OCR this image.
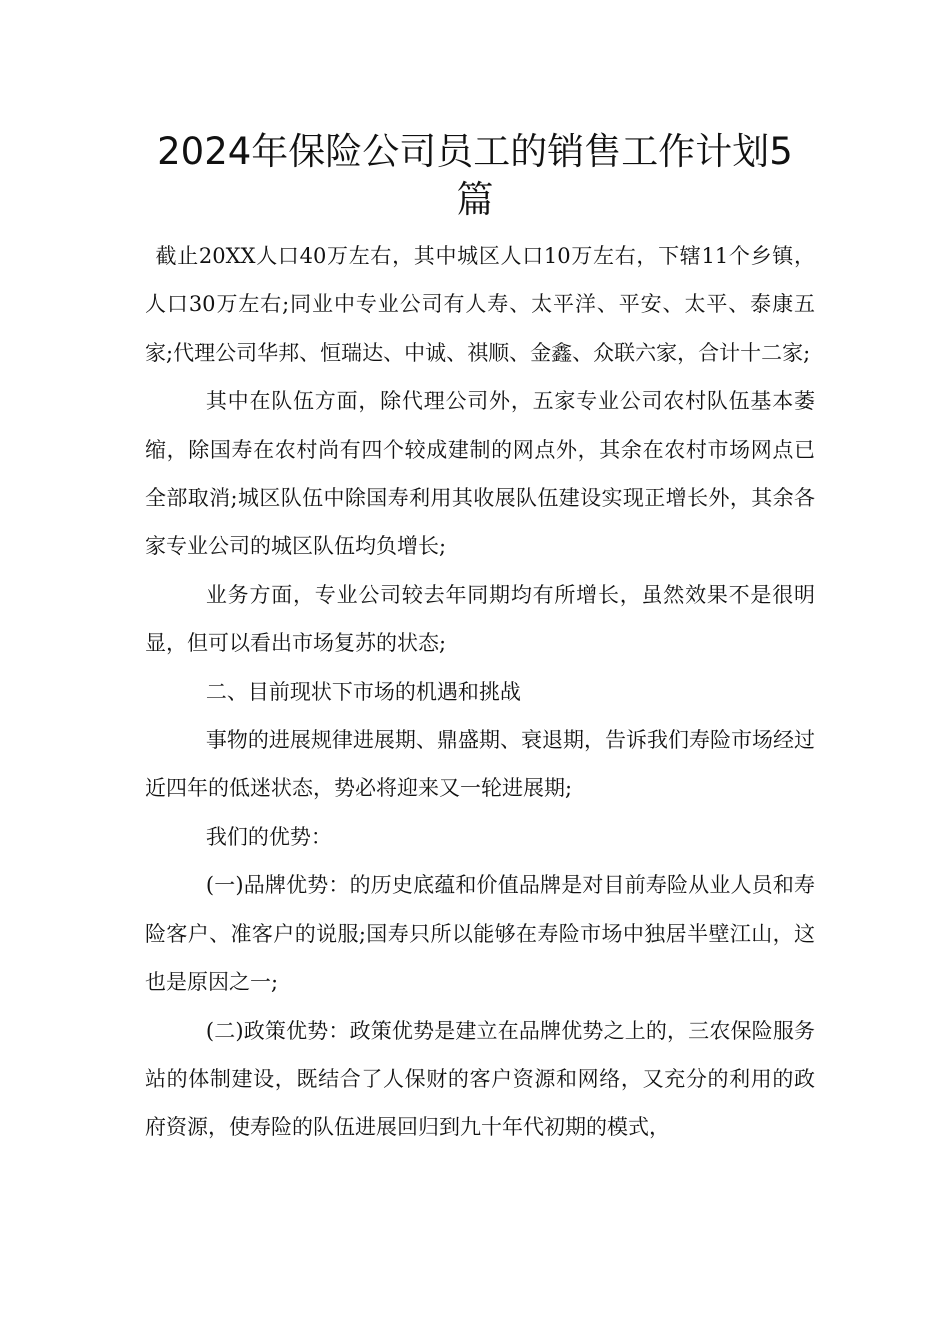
2024年保险公司员工的销售工作计划5
篇

截止20XX人口40万左右，其中城区人口10万左右，下辖11个乡镇，人口30万左右;同业中专业公司有人寿、太平洋、平安、太平、泰康五家;代理公司华邦、恒瑞达、中诚、祺顺、金鑫、众联六家，合计十二家;

其中在队伍方面，除代理公司外，五家专业公司农村队伍基本萎缩，除国寿在农村尚有四个较成建制的网点外，其余在农村市场网点已全部取消;城区队伍中除国寿利用其收展队伍建设实现正增长外，其余各家专业公司的城区队伍均负增长;

业务方面，专业公司较去年同期均有所增长，虽然效果不是很明显，但可以看出市场复苏的状态;

二、目前现状下市场的机遇和挑战

事物的进展规律进展期、鼎盛期、衰退期，告诉我们寿险市场经过近四年的低迷状态，势必将迎来又一轮进展期;

我们的优势：

(一)品牌优势：的历史底蕴和价值品牌是对目前寿险从业人员和寿险客户、准客户的说服;国寿只所以能够在寿险市场中独居半壁江山，这也是原因之一;

(二)政策优势：政策优势是建立在品牌优势之上的，三农保险服务站的体制建设，既结合了人保财的客户资源和网络，又充分的利用的政府资源，使寿险的队伍进展回归到九十年代初期的模式，
